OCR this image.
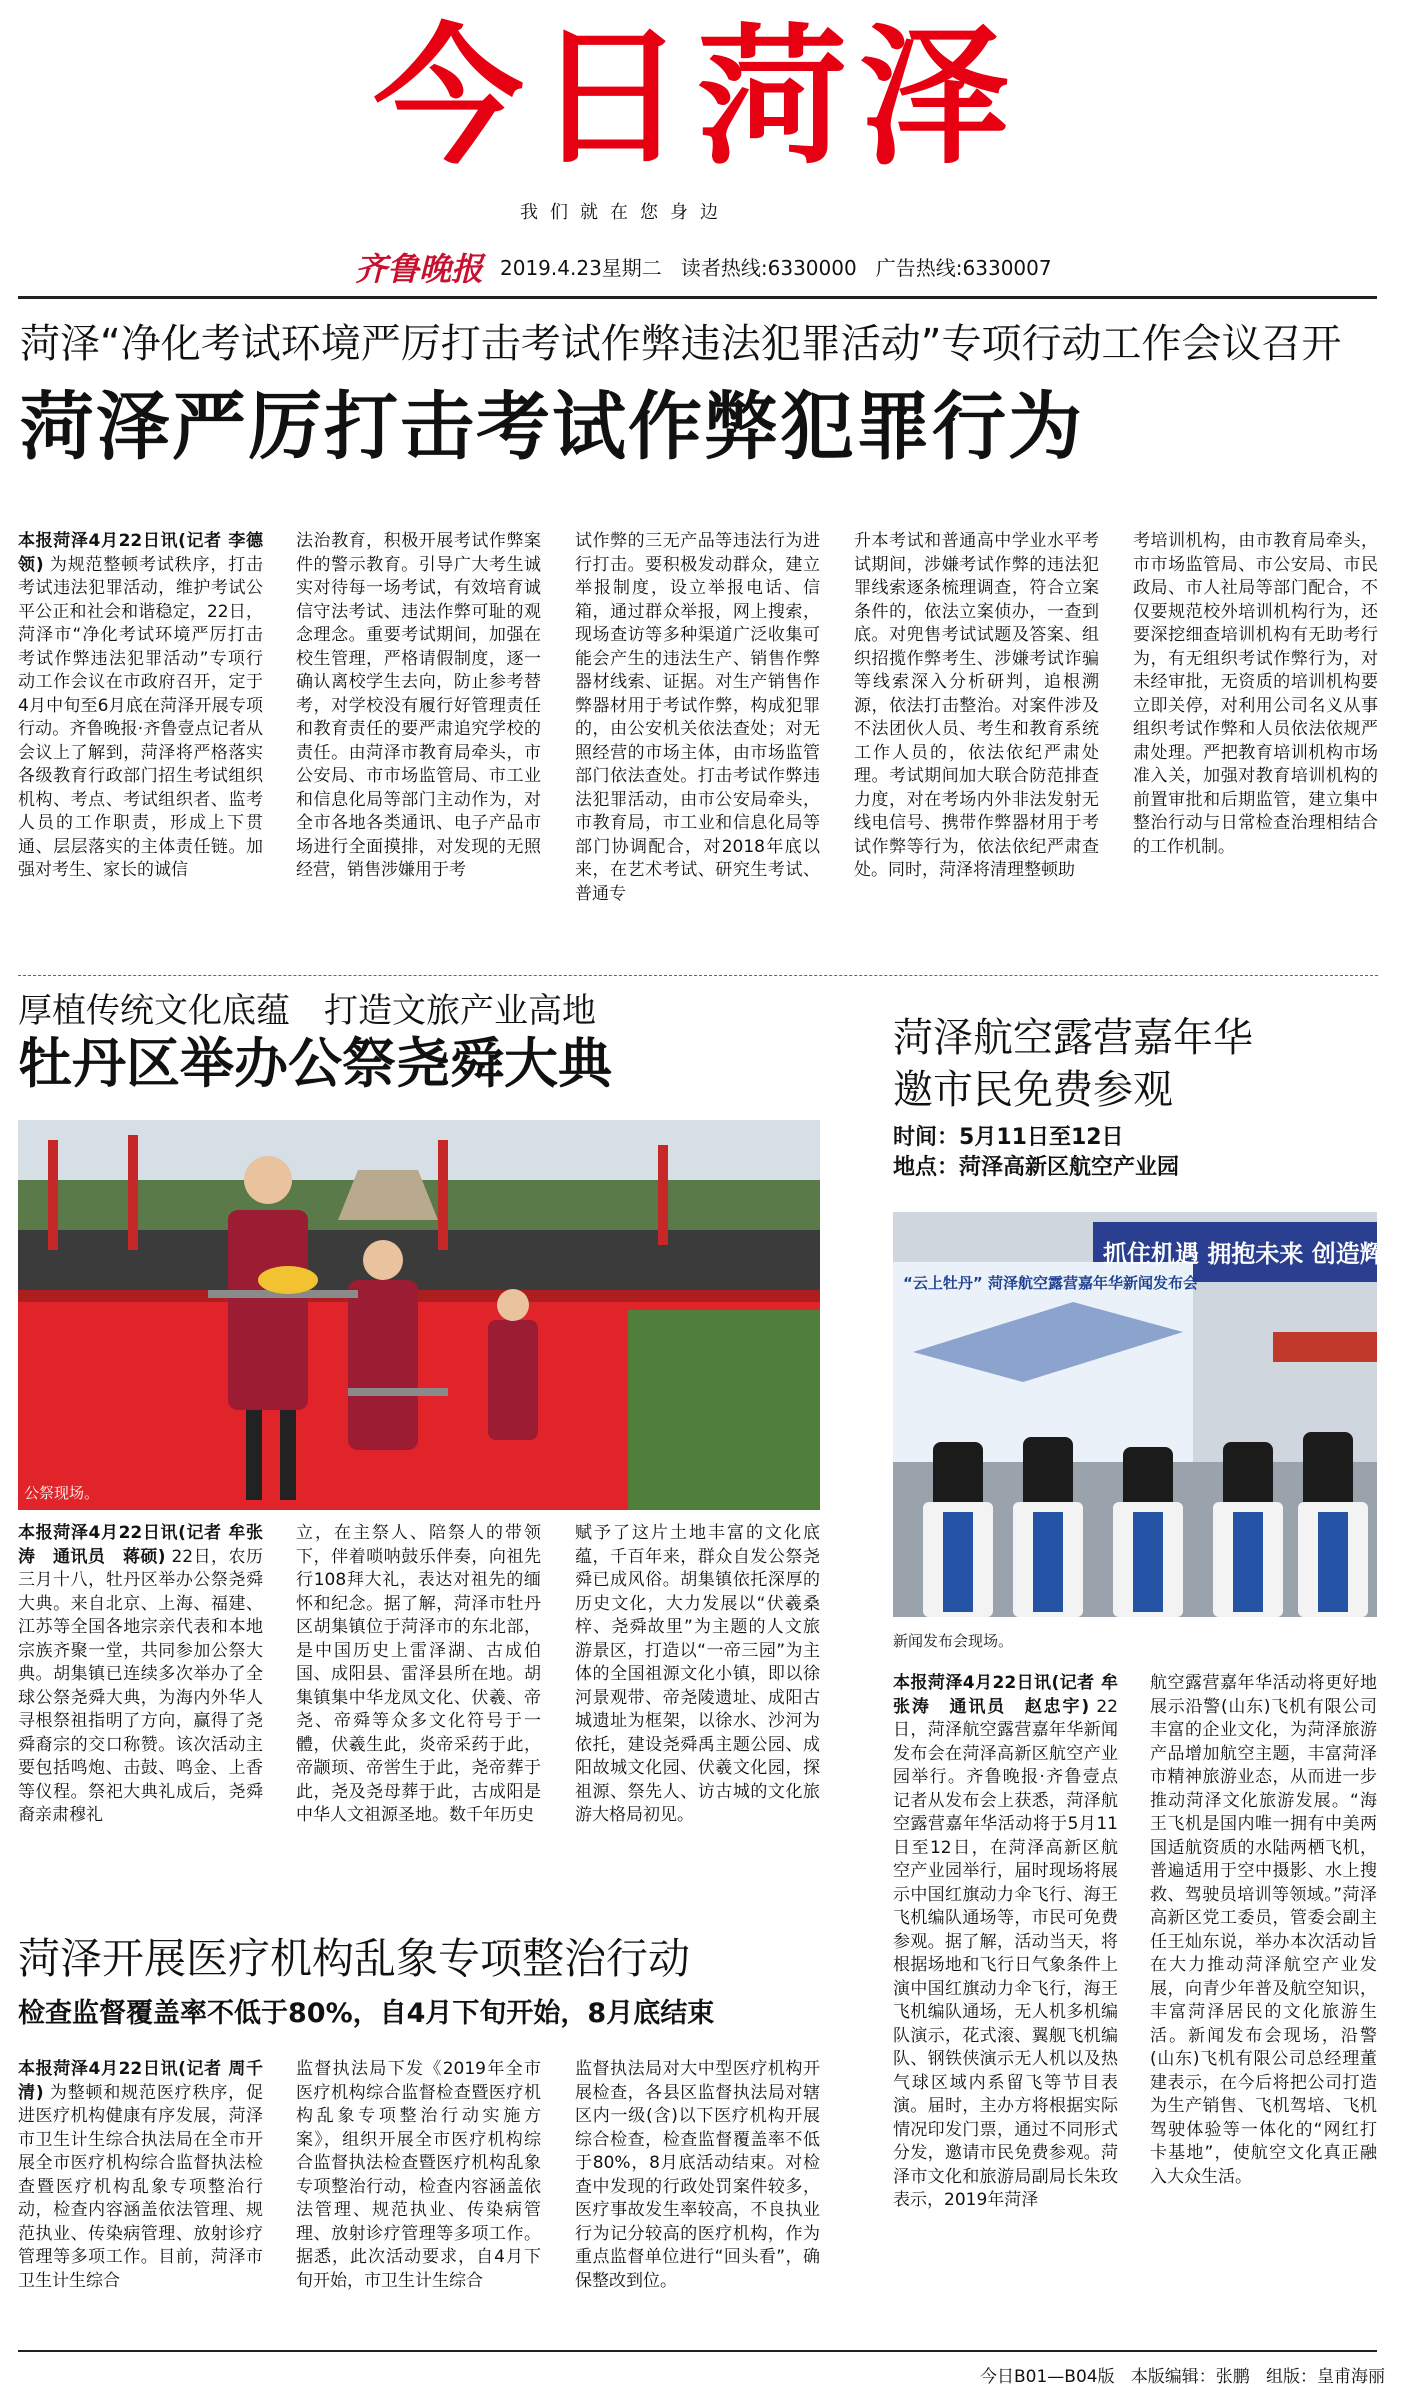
今日菏泽
我们就在您身边
齐鲁晚报 2019.4.23星期二 读者热线:6330000 广告热线:6330007
菏泽“净化考试环境严厉打击考试作弊违法犯罪活动”专项行动工作会议召开
菏泽严厉打击考试作弊犯罪行为
本报菏泽4月22日讯(记者 李德领) 为规范整顿考试秩序，打击考试违法犯罪活动，维护考试公平公正和社会和谐稳定，22日，菏泽市“净化考试环境严厉打击考试作弊违法犯罪活动”专项行动工作会议在市政府召开，定于4月中旬至6月底在菏泽开展专项行动。齐鲁晚报·齐鲁壹点记者从会议上了解到，菏泽将严格落实各级教育行政部门招生考试组织机构、考点、考试组织者、监考人员的工作职责，形成上下贯通、层层落实的主体责任链。加强对考生、家长的诚信
法治教育，积极开展考试作弊案件的警示教育。引导广大考生诚实对待每一场考试，有效培育诚信守法考试、违法作弊可耻的观念理念。重要考试期间，加强在校生管理，严格请假制度，逐一确认离校学生去向，防止参考替考，对学校没有履行好管理责任和教育责任的要严肃追究学校的责任。由菏泽市教育局牵头，市公安局、市市场监管局、市工业和信息化局等部门主动作为，对全市各地各类通讯、电子产品市场进行全面摸排，对发现的无照经营，销售涉嫌用于考
试作弊的三无产品等违法行为进行打击。要积极发动群众，建立举报制度，设立举报电话、信箱，通过群众举报，网上搜索，现场查访等多种渠道广泛收集可能会产生的违法生产、销售作弊器材线索、证据。对生产销售作弊器材用于考试作弊，构成犯罪的，由公安机关依法查处；对无照经营的市场主体，由市场监管部门依法查处。打击考试作弊违法犯罪活动，由市公安局牵头，市教育局，市工业和信息化局等部门协调配合，对2018年底以来，在艺术考试、研究生考试、普通专
升本考试和普通高中学业水平考试期间，涉嫌考试作弊的违法犯罪线索逐条梳理调查，符合立案条件的，依法立案侦办，一查到底。对兜售考试试题及答案、组织招揽作弊考生、涉嫌考试诈骗等线索深入分析研判，追根溯源，依法打击整治。对案件涉及不法团伙人员、考生和教育系统工作人员的，依法依纪严肃处理。考试期间加大联合防范排查力度，对在考场内外非法发射无线电信号、携带作弊器材用于考试作弊等行为，依法依纪严肃查处。同时，菏泽将清理整顿助
考培训机构，由市教育局牵头，市市场监管局、市公安局、市民政局、市人社局等部门配合，不仅要规范校外培训机构行为，还要深挖细查培训机构有无助考行为，有无组织考试作弊行为，对未经审批，无资质的培训机构要立即关停，对利用公司名义从事组织考试作弊和人员依法依规严肃处理。严把教育培训机构市场准入关，加强对教育培训机构的前置审批和后期监管，建立集中整治行动与日常检查治理相结合的工作机制。
厚植传统文化底蕴　打造文旅产业高地
牡丹区举办公祭尧舜大典
公祭现场。
本报菏泽4月22日讯(记者 牟张涛　通讯员　蒋硕) 22日，农历三月十八，牡丹区举办公祭尧舜大典。来自北京、上海、福建、江苏等全国各地宗亲代表和本地宗族齐聚一堂，共同参加公祭大典。胡集镇已连续多次举办了全球公祭尧舜大典，为海内外华人寻根祭祖指明了方向，赢得了尧舜裔宗的交口称赞。该次活动主要包括鸣炮、击鼓、鸣金、上香等仪程。祭祀大典礼成后，尧舜裔亲肃穆礼
立，在主祭人、陪祭人的带领下，伴着唢呐鼓乐伴奏，向祖先行108拜大礼，表达对祖先的缅怀和纪念。据了解，菏泽市牡丹区胡集镇位于菏泽市的东北部，是中国历史上雷泽湖、古成伯国、成阳县、雷泽县所在地。胡集镇集中华龙凤文化、伏羲、帝尧、帝舜等众多文化符号于一體，伏羲生此，炎帝采药于此，帝颛顼、帝喾生于此，尧帝葬于此，尧及尧母葬于此，古成阳是中华人文祖源圣地。数千年历史
赋予了这片土地丰富的文化底蕴，千百年来，群众自发公祭尧舜已成风俗。胡集镇依托深厚的历史文化，大力发展以“伏羲桑梓、尧舜故里”为主题的人文旅游景区，打造以“一帝三园”为主体的全国祖源文化小镇，即以徐河景观带、帝尧陵遗址、成阳古城遗址为框架，以徐水、沙河为依托，建设尧舜禹主题公园、成阳故城文化园、伏羲文化园，探祖源、祭先人、访古城的文化旅游大格局初见。
菏泽航空露营嘉年华
邀市民免费参观
时间：5月11日至12日
地点：菏泽高新区航空产业园
抓住机遇 拥抱未来 创造辉煌
“云上牡丹” 菏泽航空露营嘉年华新闻发布会
新闻发布会现场。
本报菏泽4月22日讯(记者 牟张涛　通讯员　赵忠宇) 22日，菏泽航空露营嘉年华新闻发布会在菏泽高新区航空产业园举行。齐鲁晚报·齐鲁壹点记者从发布会上获悉，菏泽航空露营嘉年华活动将于5月11日至12日，在菏泽高新区航空产业园举行，届时现场将展示中国红旗动力伞飞行、海王飞机编队通场等，市民可免费参观。据了解，活动当天，将根据场地和飞行日气象条件上演中国红旗动力伞飞行，海王飞机编队通场，无人机多机编队演示，花式滚、翼舰飞机编队、钢铁侠演示无人机以及热气球区域内系留飞等节目表演。届时，主办方将根据实际情况印发门票，通过不同形式分发，邀请市民免费参观。菏泽市文化和旅游局副局长朱玫表示，2019年菏泽
航空露营嘉年华活动将更好地展示沿警(山东)飞机有限公司丰富的企业文化，为菏泽旅游产品增加航空主题，丰富菏泽市精神旅游业态，从而进一步推动菏泽文化旅游发展。“海王飞机是国内唯一拥有中美两国适航资质的水陆两栖飞机，普遍适用于空中摄影、水上搜救、驾驶员培训等领域。”菏泽高新区党工委员，管委会副主任王灿东说，举办本次活动旨在大力推动菏泽航空产业发展，向青少年普及航空知识，丰富菏泽居民的文化旅游生活。新闻发布会现场，沿警(山东)飞机有限公司总经理董建表示，在今后将把公司打造为生产销售、飞机驾培、飞机驾驶体验等一体化的“网红打卡基地”，使航空文化真正融入大众生活。
菏泽开展医疗机构乱象专项整治行动
检查监督覆盖率不低于80%，自4月下旬开始，8月底结束
本报菏泽4月22日讯(记者 周千清) 为整顿和规范医疗秩序，促进医疗机构健康有序发展，菏泽市卫生计生综合执法局在全市开展全市医疗机构综合监督执法检查暨医疗机构乱象专项整治行动，检查内容涵盖依法管理、规范执业、传染病管理、放射诊疗管理等多项工作。目前，菏泽市卫生计生综合
监督执法局下发《2019年全市医疗机构综合监督检查暨医疗机构乱象专项整治行动实施方案》，组织开展全市医疗机构综合监督执法检查暨医疗机构乱象专项整治行动，检查内容涵盖依法管理、规范执业、传染病管理、放射诊疗管理等多项工作。据悉，此次活动要求，自4月下旬开始，市卫生计生综合
监督执法局对大中型医疗机构开展检查，各县区监督执法局对辖区内一级(含)以下医疗机构开展综合检查，检查监督覆盖率不低于80%，8月底活动结束。对检查中发现的行政处罚案件较多，医疗事故发生率较高，不良执业行为记分较高的医疗机构，作为重点监督单位进行“回头看”，确保整改到位。
今日B01—B04版 本版编辑：张鹏 组版：皇甫海丽
